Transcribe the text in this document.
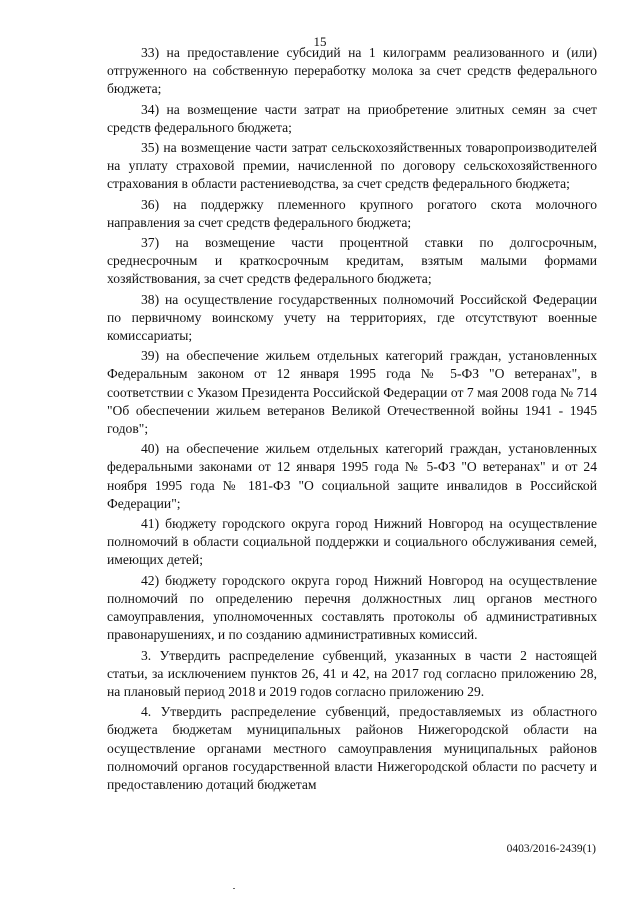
15

33) на предоставление субсидий на 1 килограмм реализованного и (или) отгруженного на собственную переработку молока за счет средств федерального бюджета;

34) на возмещение части затрат на приобретение элитных семян за счет средств федерального бюджета;

35) на возмещение части затрат сельскохозяйственных товаропроизводителей на уплату страховой премии, начисленной по договору сельскохозяйственного страхования в области растениеводства, за счет средств федерального бюджета;

36) на поддержку племенного крупного рогатого скота молочного направления за счет средств федерального бюджета;

37) на возмещение части процентной ставки по долгосрочным, среднесрочным и краткосрочным кредитам, взятым малыми формами хозяйствования, за счет средств федерального бюджета;

38) на осуществление государственных полномочий Российской Федерации по первичному воинскому учету на территориях, где отсутствуют военные комиссариаты;

39) на обеспечение жильем отдельных категорий граждан, установленных Федеральным законом от 12 января 1995 года № 5-ФЗ "О ветеранах", в соответствии с Указом Президента Российской Федерации от 7 мая 2008 года № 714 "Об обеспечении жильем ветеранов Великой Отечественной войны 1941 - 1945 годов";

40) на обеспечение жильем отдельных категорий граждан, установленных федеральными законами от 12 января 1995 года № 5-ФЗ "О ветеранах" и от 24 ноября 1995 года № 181-ФЗ "О социальной защите инвалидов в Российской Федерации";

41) бюджету городского округа город Нижний Новгород на осуществление полномочий в области социальной поддержки и социального обслуживания семей, имеющих детей;

42) бюджету городского округа город Нижний Новгород на осуществление полномочий по определению перечня должностных лиц органов местного самоуправления, уполномоченных составлять протоколы об административных правонарушениях, и по созданию административных комиссий.

3. Утвердить распределение субвенций, указанных в части 2 настоящей статьи, за исключением пунктов 26, 41 и 42, на 2017 год согласно приложению 28, на плановый период 2018 и 2019 годов согласно приложению 29.

4. Утвердить распределение субвенций, предоставляемых из областного бюджета бюджетам муниципальных районов Нижегородской области на осуществление органами местного самоуправления муниципальных районов полномочий органов государственной власти Нижегородской области по расчету и предоставлению дотаций бюджетам

0403/2016-2439(1)
